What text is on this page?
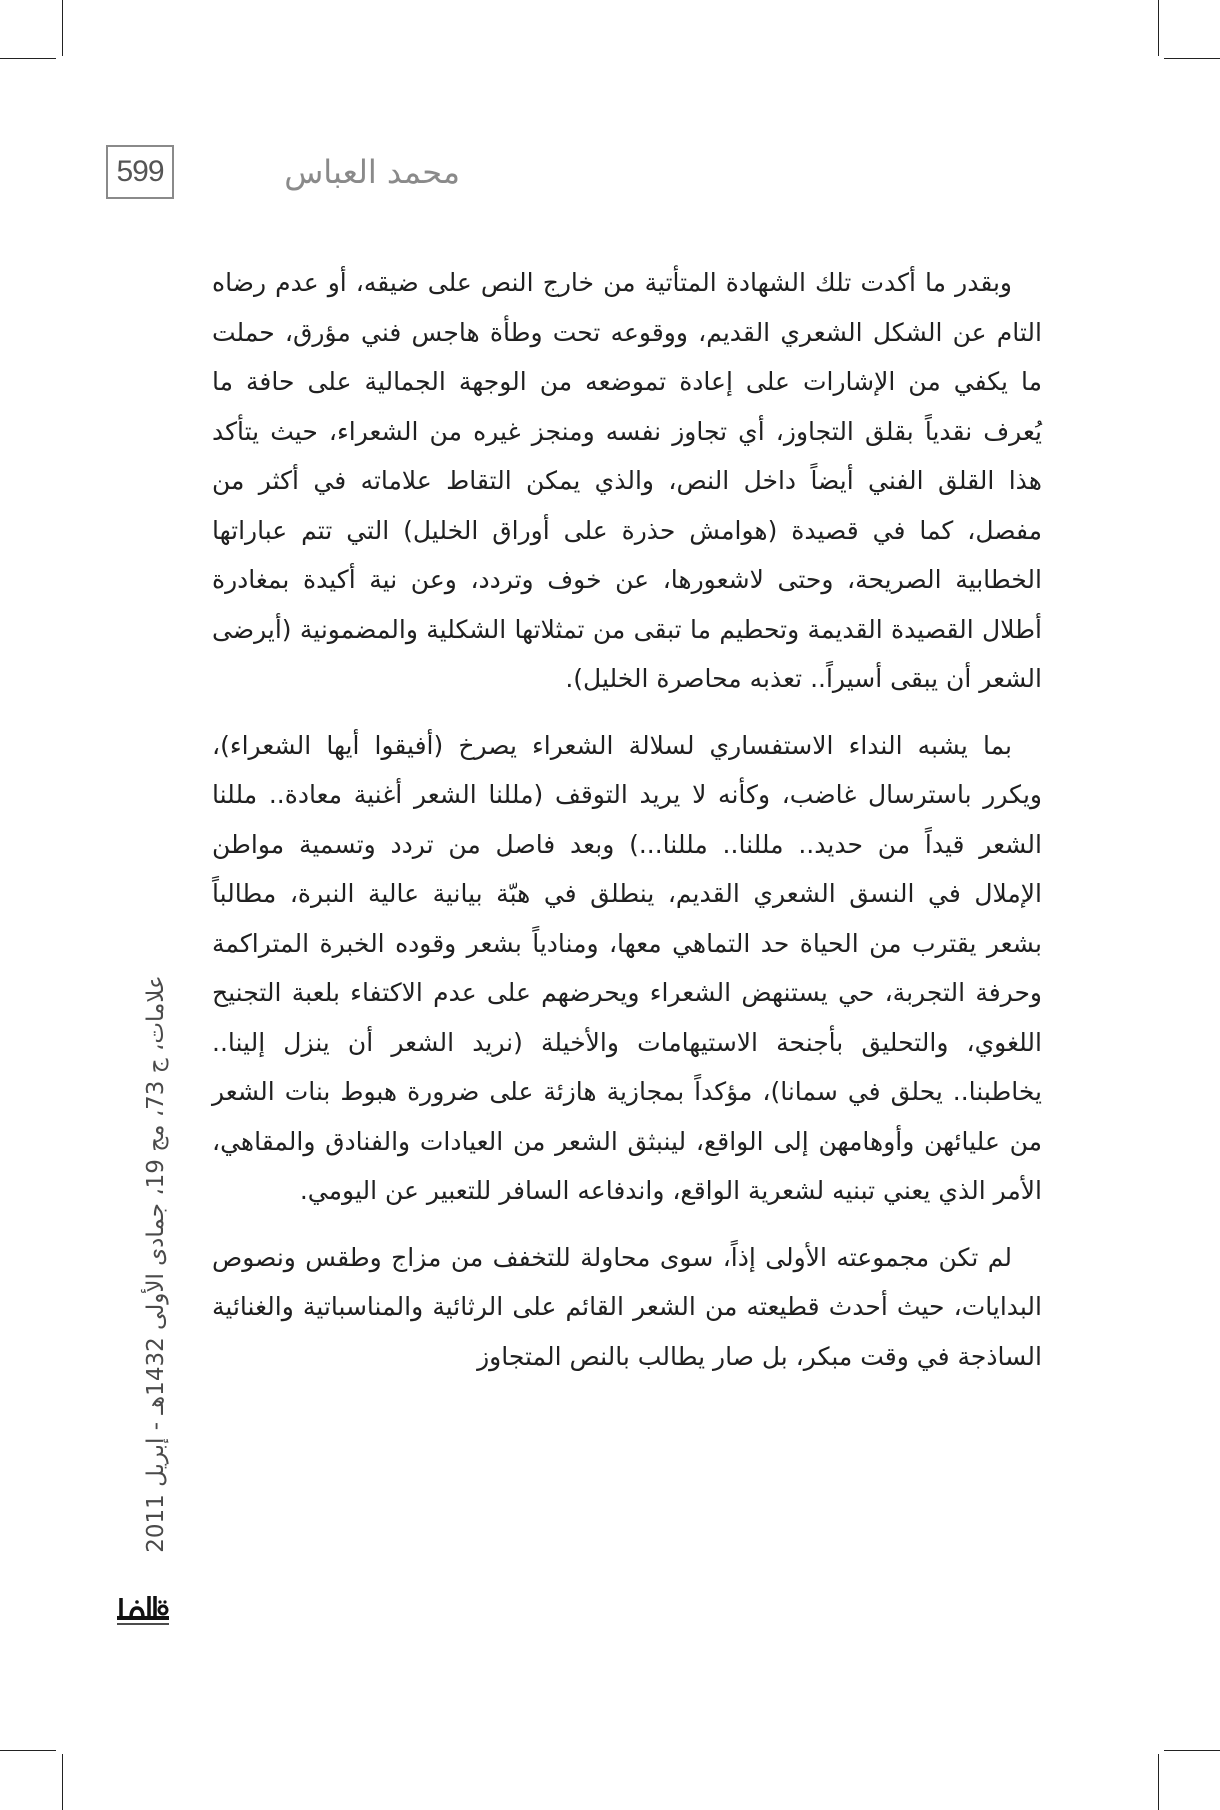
599	محمد العباس

وبقدر ما أكدت تلك الشهادة المتأتية من خارج النص على ضيقه، أو عدم رضاه التام عن الشكل الشعري القديم، ووقوعه تحت وطأة هاجس فني مؤرق، حملت ما يكفي من الإشارات على إعادة تموضعه من الوجهة الجمالية على حافة ما يُعرف نقدياً بقلق التجاوز، أي تجاوز نفسه ومنجز غيره من الشعراء، حيث يتأكد هذا القلق الفني أيضاً داخل النص، والذي يمكن التقاط علاماته في أكثر من مفصل، كما في قصيدة (هوامش حذرة على أوراق الخليل) التي تتم عباراتها الخطابية الصريحة، وحتى لاشعورها، عن خوف وتردد، وعن نية أكيدة بمغادرة أطلال القصيدة القديمة وتحطيم ما تبقى من تمثلاتها الشكلية والمضمونية (أيرضى الشعر أن يبقى أسيراً.. تعذبه محاصرة الخليل).

بما يشبه النداء الاستفساري لسلالة الشعراء يصرخ (أفيقوا أيها الشعراء)، ويكرر باسترسال غاضب، وكأنه لا يريد التوقف (مللنا الشعر أغنية معادة.. مللنا الشعر قيداً من حديد.. مللنا.. مللنا...) وبعد فاصل من تردد وتسمية مواطن الإملال في النسق الشعري القديم، ينطلق في هبّة بيانية عالية النبرة، مطالباً بشعر يقترب من الحياة حد التماهي معها، ومنادياً بشعر وقوده الخبرة المتراكمة وحرفة التجربة، حي يستنهض الشعراء ويحرضهم على عدم الاكتفاء بلعبة التجنيح اللغوي، والتحليق بأجنحة الاستيهامات والأخيلة (نريد الشعر أن ينزل إلينا.. يخاطبنا.. يحلق في سمانا)، مؤكداً بمجازية هازئة على ضرورة هبوط بنات الشعر من عليائهن وأوهامهن إلى الواقع، لينبثق الشعر من العيادات والفنادق والمقاهي، الأمر الذي يعني تبنيه لشعرية الواقع، واندفاعه السافر للتعبير عن اليومي.

لم تكن مجموعته الأولى إذاً، سوى محاولة للتخفف من مزاج وطقس ونصوص البدايات، حيث أحدث قطيعته من الشعر القائم على الرثائية والمناسباتية والغنائية الساذجة في وقت مبكر، بل صار يطالب بالنص المتجاوز

علامات، ج 73، مج 19، جمادى الأولى 1432هـ - إبريل 2011
